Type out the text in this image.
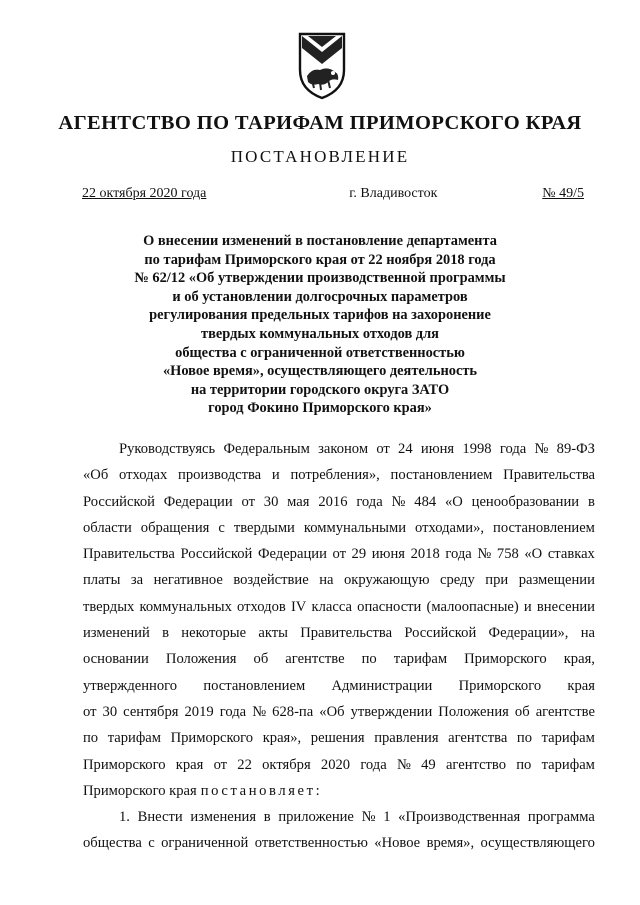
АГЕНТСТВО ПО ТАРИФАМ ПРИМОРСКОГО КРАЯ
ПОСТАНОВЛЕНИЕ
22 октября 2020 года	г. Владивосток	№ 49/5
О внесении изменений в постановление департамента
по тарифам Приморского края от 22 ноября 2018 года
№ 62/12 «Об утверждении производственной программы
и об установлении долгосрочных параметров
регулирования предельных тарифов на захоронение
твердых коммунальных отходов для
общества с ограниченной ответственностью
«Новое время», осуществляющего деятельность
на территории городского округа ЗАТО
город Фокино Приморского края»
Руководствуясь Федеральным законом от 24 июня 1998 года № 89-ФЗ
«Об отходах производства и потребления», постановлением Правительства
Российской Федерации от 30 мая 2016 года № 484 «О ценообразовании в
области обращения с твердыми коммунальными отходами», постановлением
Правительства Российской Федерации от 29 июня 2018 года № 758 «О ставках
платы за негативное воздействие на окружающую среду при размещении
твердых коммунальных отходов IV класса опасности (малоопасные) и внесении
изменений в некоторые акты Правительства Российской Федерации», на
основании Положения об агентстве по тарифам Приморского края,
утвержденного постановлением Администрации Приморского края
от 30 сентября 2019 года № 628-па «Об утверждении Положения об агентстве
по тарифам Приморского края», решения правления агентства по тарифам
Приморского края от 22 октября 2020 года № 49 агентство по тарифам
Приморского края постановляет:
1. Внести изменения в приложение № 1 «Производственная программа
общества с ограниченной ответственностью «Новое время», осуществляющего
